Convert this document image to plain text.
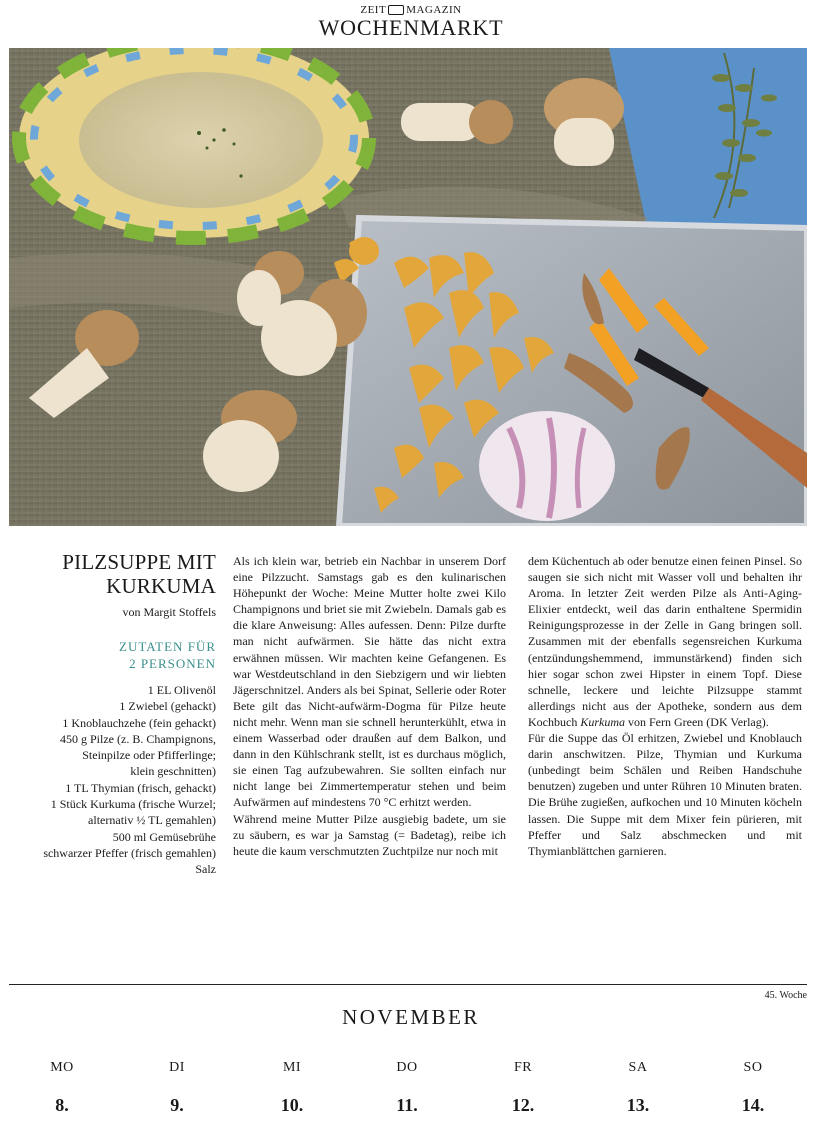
ZEIT MAGAZIN
WOCHENMARKT
PILZSUPPE MIT
KURKUMA
von Margit Stoffels
ZUTATEN FÜR
2 PERSONEN
1 EL Olivenöl
1 Zwiebel (gehackt)
1 Knoblauchzehe (fein gehackt)
450 g Pilze (z. B. Champignons,
Steinpilze oder Pfifferlinge;
klein geschnitten)
1 TL Thymian (frisch, gehackt)
1 Stück Kurkuma (frische Wurzel;
alternativ ½ TL gemahlen)
500 ml Gemüsebrühe
schwarzer Pfeffer (frisch gemahlen)
Salz

Als ich klein war, betrieb ein Nachbar in unserem Dorf eine Pilzzucht. Samstags gab es den kulinarischen Höhepunkt der Woche: Meine Mutter holte zwei Kilo Champignons und briet sie mit Zwiebeln. Damals gab es die klare Anweisung: Alles aufessen. Denn: Pilze durfte man nicht aufwärmen. Sie hätte das nicht extra erwähnen müssen. Wir machten keine Gefangenen. Es war Westdeutschland in den Siebzigern und wir liebten Jägerschnitzel. Anders als bei Spinat, Sellerie oder Roter Bete gilt das Nicht-aufwärm-Dogma für Pilze heute nicht mehr. Wenn man sie schnell herunterkühlt, etwa in einem Wasserbad oder draußen auf dem Balkon, und dann in den Kühlschrank stellt, ist es durchaus möglich, sie einen Tag aufzubewahren. Sie sollten einfach nur nicht lange bei Zimmertemperatur stehen und beim Aufwärmen auf mindestens 70 °C erhitzt werden.

Während meine Mutter Pilze ausgiebig badete, um sie zu säubern, es war ja Samstag (= Badetag), reibe ich heute die kaum verschmutzten Zuchtpilze nur noch mit

dem Küchentuch ab oder benutze einen feinen Pinsel. So saugen sie sich nicht mit Wasser voll und behalten ihr Aroma. In letzter Zeit werden Pilze als Anti-Aging-Elixier entdeckt, weil das darin enthaltene Spermidin Reinigungsprozesse in der Zelle in Gang bringen soll. Zusammen mit der ebenfalls segensreichen Kurkuma (entzündungshemmend, immunstärkend) finden sich hier sogar schon zwei Hipster in einem Topf. Diese schnelle, leckere und leichte Pilzsuppe stammt allerdings nicht aus der Apotheke, sondern aus dem Kochbuch Kurkuma von Fern Green (DK Verlag).

Für die Suppe das Öl erhitzen, Zwiebel und Knoblauch darin anschwitzen. Pilze, Thymian und Kurkuma (unbedingt beim Schälen und Reiben Handschuhe benutzen) zugeben und unter Rühren 10 Minuten braten. Die Brühe zugießen, aufkochen und 10 Minuten köcheln lassen. Die Suppe mit dem Mixer fein pürieren, mit Pfeffer und Salz abschmecken und mit Thymianblättchen garnieren.

45. Woche
NOVEMBER
MO	DI	MI	DO	FR	SA	SO
8.	9.	10.	11.	12.	13.	14.
